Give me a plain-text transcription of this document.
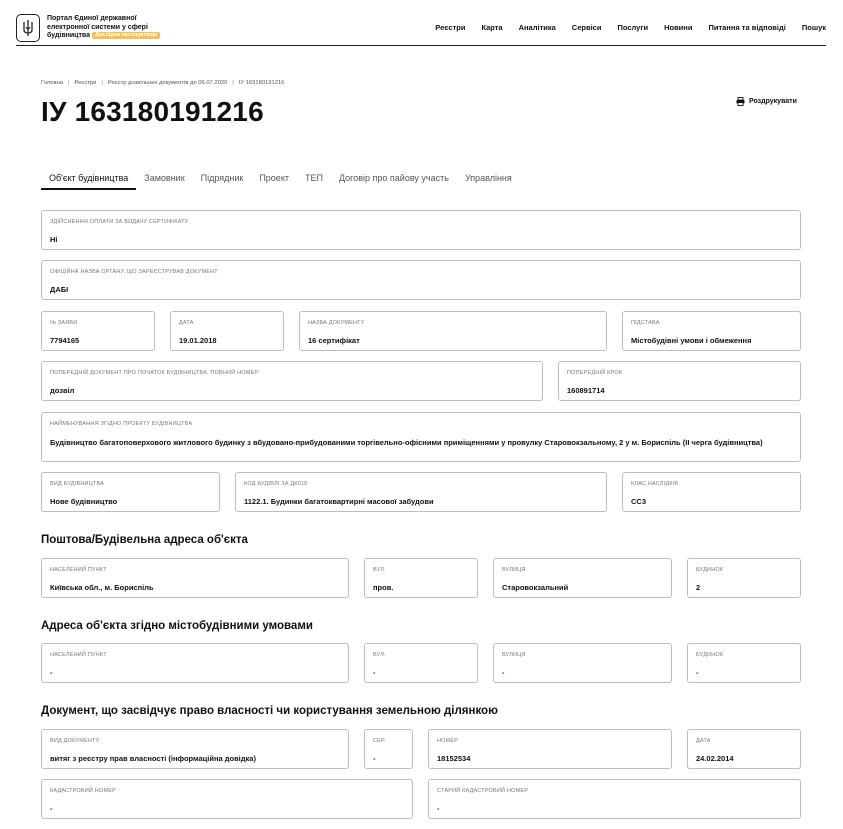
Портал Єдиної державної
електронної системи у сфері
будівництва Дослідна експлуатація
Реєстри Карта Аналітика Сервіси Послуги Новини Питання та відповіді Пошук
Головна | Реєстри | Реєстр дозвільних документів до 06.07.2020 | ІУ 163180191216
ІУ 163180191216	Роздрукувати
Об'єкт будівництва	Замовник	Підрядник	Проект	ТЕП	Договір про пайову участь	Управління
ЗДІЙСНЕННЯ ОПЛАТИ ЗА ВИДАЧУ СЕРТИФІКАТУ
Ні
ОФІЦІЙНА НАЗВА ОРГАНУ, ЩО ЗАРЕЄСТРУВАВ ДОКУМЕНТ
ДАБІ
№ ЗАЯВИ
7794165
ДАТА
19.01.2018
НАЗВА ДОКУМЕНТУ
16 сертифікат
ПІДСТАВА
Містобудівні умови і обмеження
ПОПЕРЕДНІЙ ДОКУМЕНТ ПРО ПОЧАТОК БУДІВНИЦТВА, ПОВНИЙ НОМЕР
дозвіл
ПОПЕРЕДНІЙ КРОК
160891714
НАЙМЕНУВАННЯ ЗГІДНО ПРОЕКТУ БУДІВНИЦТВА
Будівництво багатоповерхового житлового будинку з вбудовано-прибудованими торгівельно-офісними приміщеннями у провулку Старовокзальному, 2 у м. Бориспіль (ІІ черга будівництва)
ВИД БУДІВНИЦТВА
Нове будівництво
КОД БУДІВЛІ ЗА ДК018
1122.1. Будинки багатоквартирні масової забудови
КЛАС НАСЛІДКІВ
СС3
Поштова/Будівельна адреса об'єкта
НАСЕЛЕНИЙ ПУНКТ
Київська обл., м. Бориспіль
ВУЛ.
пров.
ВУЛИЦЯ
Старовокзальний
БУДИНОК
2
Адреса об'єкта згідно містобудівними умовами
НАСЕЛЕНИЙ ПУНКТ
-
ВУЛ.
-
ВУЛИЦЯ
-
БУДИНОК
-
Документ, що засвідчує право власності чи користування земельною ділянкою
ВИД ДОКУМЕНТУ
витяг з реєстру прав власності (інформаційна довідка)
СЕР.
-
НОМЕР
18152534
ДАТА
24.02.2014
КАДАСТРОВИЙ НОМЕР
-
СТАРИЙ КАДАСТРОВИЙ НОМЕР
-
